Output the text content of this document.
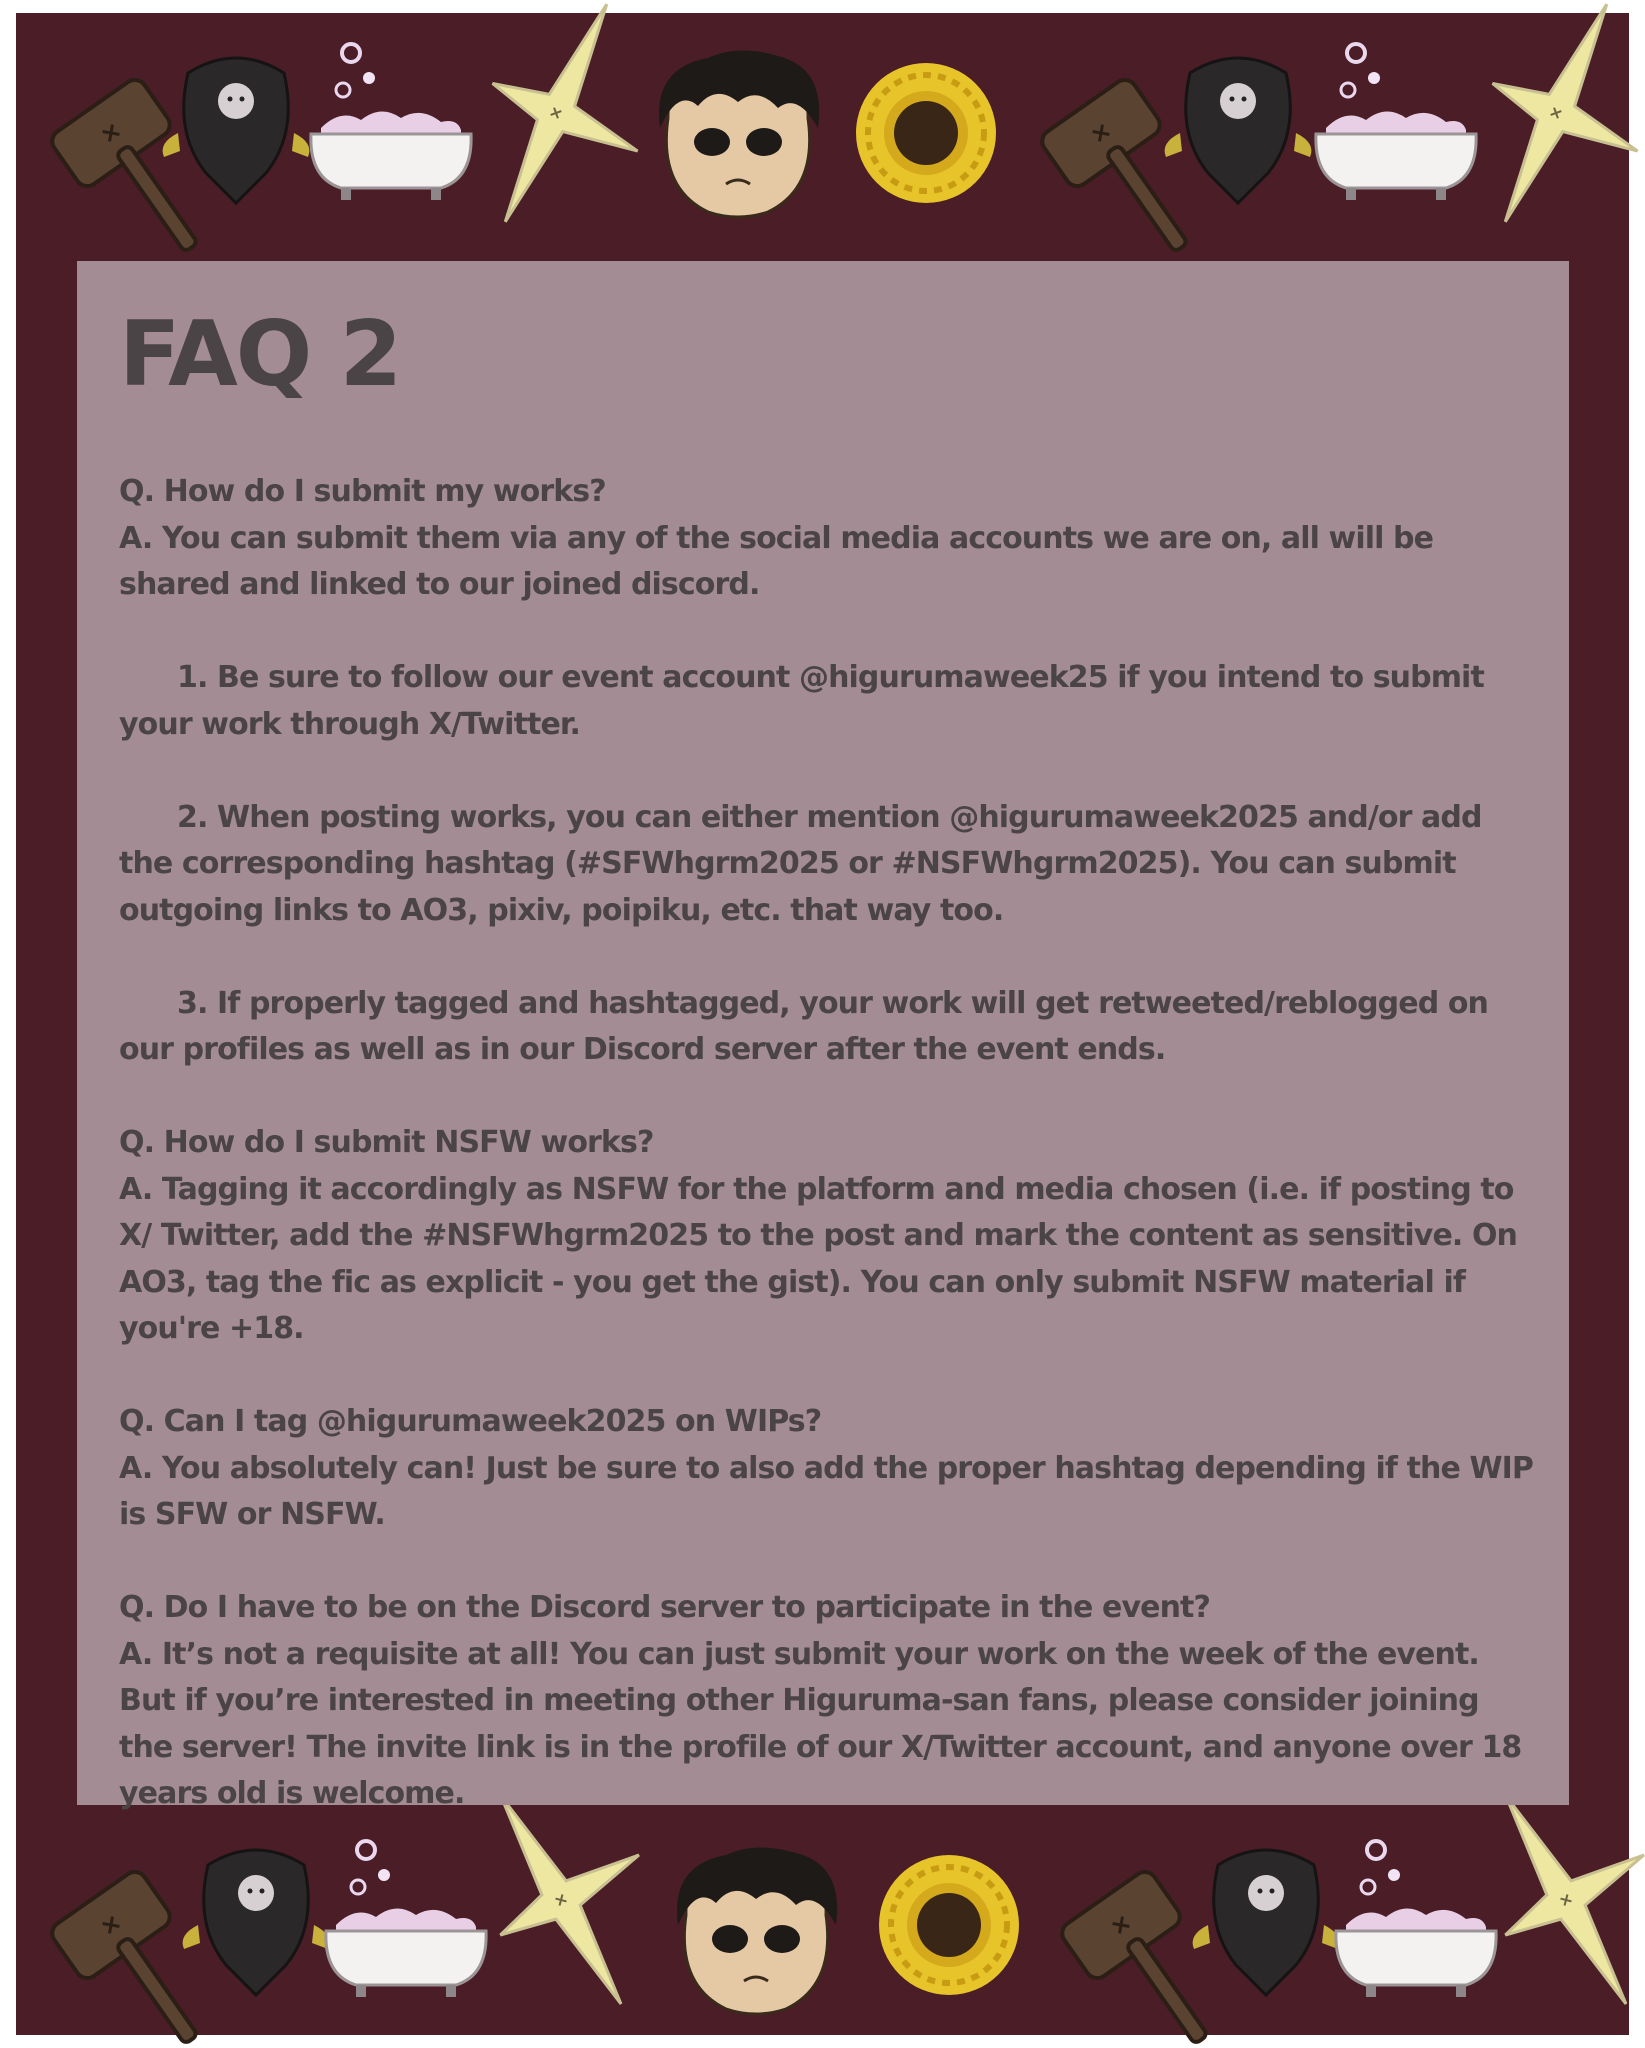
FAQ 2

Q. How do I submit my works?

A. You can submit them via any of the social media accounts we are on, all will be shared and linked to our joined discord.

1. Be sure to follow our event account @higurumaweek25 if you intend to submit your work through X/Twitter.

2. When posting works, you can either mention @higurumaweek2025 and/or add the corresponding hashtag (#SFWhgrm2025 or #NSFWhgrm2025). You can submit outgoing links to AO3, pixiv, poipiku, etc. that way too.

3. If properly tagged and hashtagged, your work will get retweeted/reblogged on our profiles as well as in our Discord server after the event ends.

Q. How do I submit NSFW works?

A. Tagging it accordingly as NSFW for the platform and media chosen (i.e. if posting to X/ Twitter, add the #NSFWhgrm2025 to the post and mark the content as sensitive. On AO3, tag the fic as explicit - you get the gist). You can only submit NSFW material if you're +18.

Q. Can I tag @higurumaweek2025 on WIPs?

A. You absolutely can! Just be sure to also add the proper hashtag depending if the WIP is SFW or NSFW.

Q. Do I have to be on the Discord server to participate in the event?

A. It’s not a requisite at all! You can just submit your work on the week of the event. But if you’re interested in meeting other Higuruma-san fans, please consider joining the server! The invite link is in the profile of our X/Twitter account, and anyone over 18 years old is welcome.
